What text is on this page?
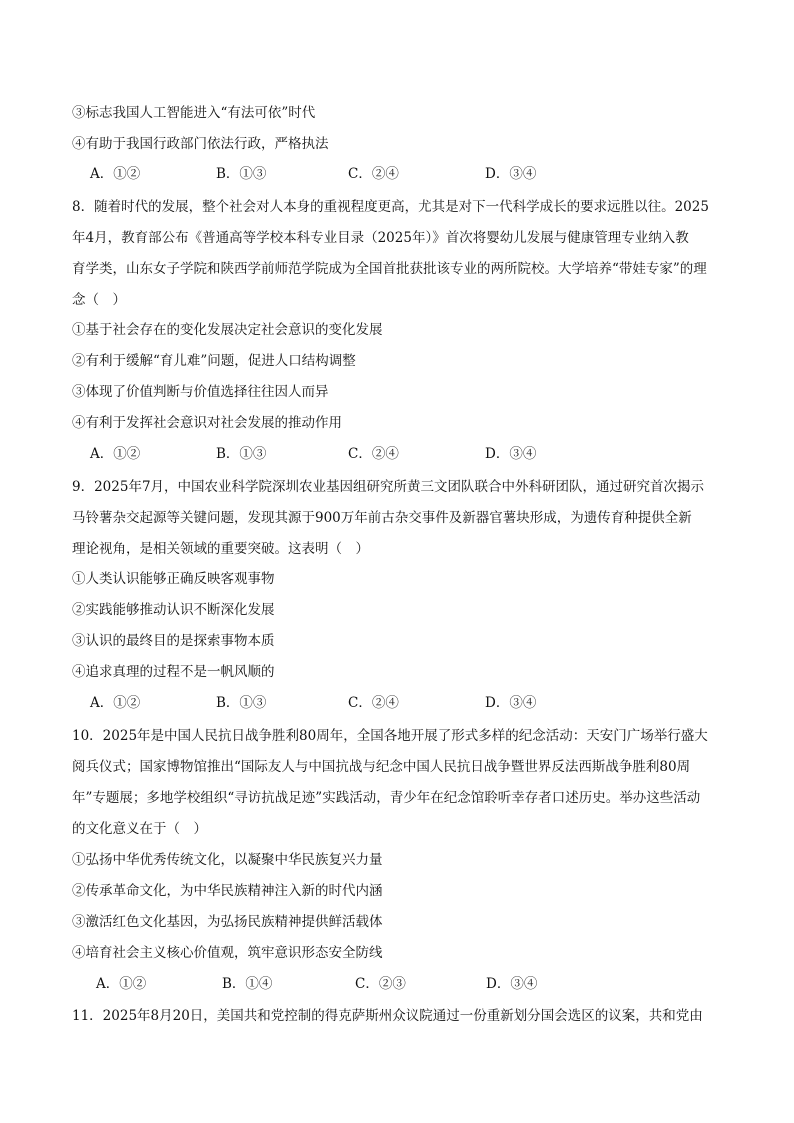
③标志我国人工智能进入“有法可依”时代
④有助于我国行政部门依法行政，严格执法
A．①②	B．①③	C．②④	D．③④
8．随着时代的发展，整个社会对人本身的重视程度更高，尤其是对下一代科学成长的要求远胜以往。2025
年4月，教育部公布《普通高等学校本科专业目录（2025年）》首次将婴幼儿发展与健康管理专业纳入教
育学类，山东女子学院和陕西学前师范学院成为全国首批获批该专业的两所院校。大学培养“带娃专家”的理
念（　）
①基于社会存在的变化发展决定社会意识的变化发展
②有利于缓解“育儿难”问题，促进人口结构调整
③体现了价值判断与价值选择往往因人而异
④有利于发挥社会意识对社会发展的推动作用
A．①②	B．①③	C．②④	D．③④
9．2025年7月，中国农业科学院深圳农业基因组研究所黄三文团队联合中外科研团队，通过研究首次揭示
马铃薯杂交起源等关键问题，发现其源于900万年前古杂交事件及新器官薯块形成，为遗传育种提供全新
理论视角，是相关领域的重要突破。这表明（　）
①人类认识能够正确反映客观事物
②实践能够推动认识不断深化发展
③认识的最终目的是探索事物本质
④追求真理的过程不是一帆风顺的
A．①②	B．①③	C．②④	D．③④
10．2025年是中国人民抗日战争胜利80周年，全国各地开展了形式多样的纪念活动：天安门广场举行盛大
阅兵仪式；国家博物馆推出“国际友人与中国抗战与纪念中国人民抗日战争暨世界反法西斯战争胜利80周
年”专题展；多地学校组织“寻访抗战足迹”实践活动，青少年在纪念馆聆听幸存者口述历史。举办这些活动
的文化意义在于（　）
①弘扬中华优秀传统文化，以凝聚中华民族复兴力量
②传承革命文化，为中华民族精神注入新的时代内涵
③激活红色文化基因，为弘扬民族精神提供鲜活载体
④培育社会主义核心价值观，筑牢意识形态安全防线
A．①②	B．①④	C．②③	D．③④
11．2025年8月20日，美国共和党控制的得克萨斯州众议院通过一份重新划分国会选区的议案，共和党由
